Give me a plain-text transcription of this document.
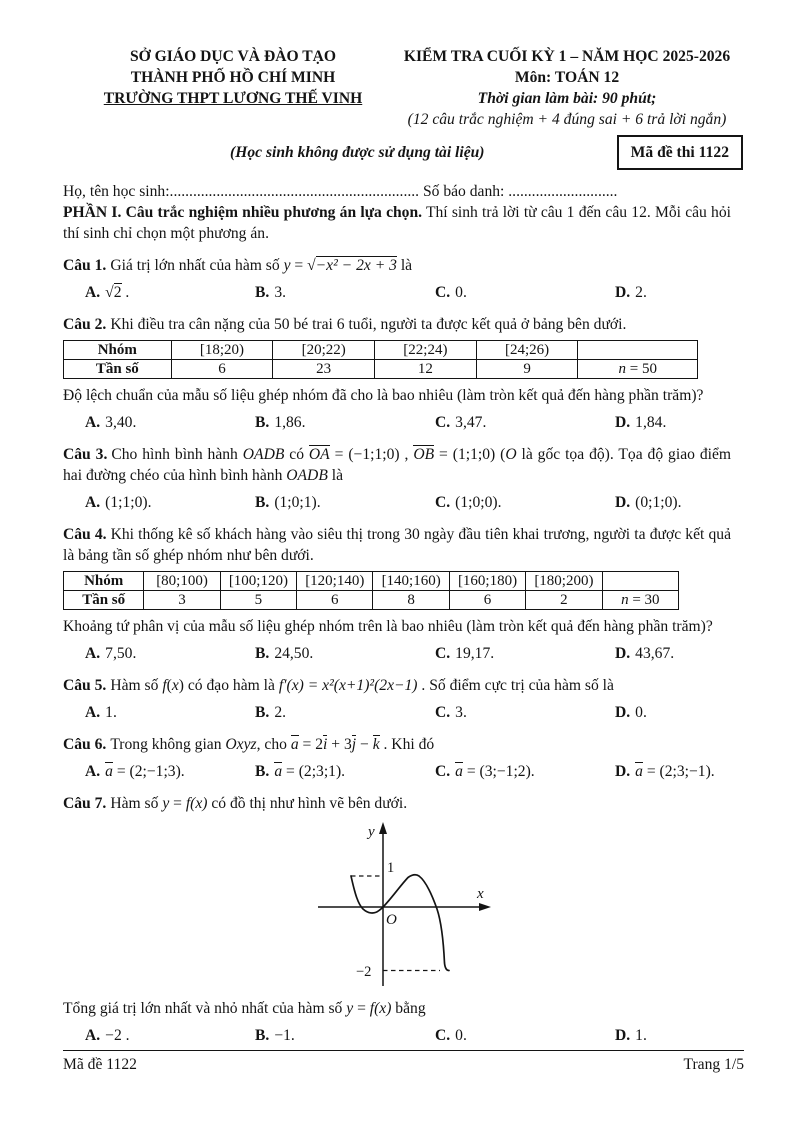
SỞ GIÁO DỤC VÀ ĐÀO TẠO
THÀNH PHỐ HỒ CHÍ MINH
TRƯỜNG THPT LƯƠNG THẾ VINH
KIỂM TRA CUỐI KỲ 1 – NĂM HỌC 2025-2026
Môn: TOÁN 12
Thời gian làm bài: 90 phút;
(12 câu trắc nghiệm + 4 đúng sai + 6 trả lời ngắn)
(Học sinh không được sử dụng tài liệu)	Mã đề thi 1122
Họ, tên học sinh:................................................................ Số báo danh: ............................

PHẦN I. Câu trắc nghiệm nhiều phương án lựa chọn. Thí sinh trả lời từ câu 1 đến câu 12. Mỗi câu hỏi thí sinh chỉ chọn một phương án.

Câu 1. Giá trị lớn nhất của hàm số y = √−x² − 2x + 3 là

A. √2 .	B. 3.	C. 0.	D. 2.

Câu 2. Khi điều tra cân nặng của 50 bé trai 6 tuổi, người ta được kết quả ở bảng bên dưới.

Nhóm	[18;20)	[20;22)	[22;24)	[24;26)	
Tần số	6	23	12	9	n = 50

Độ lệch chuẩn của mẫu số liệu ghép nhóm đã cho là bao nhiêu (làm tròn kết quả đến hàng phần trăm)?

A. 3,40.	B. 1,86.	C. 3,47.	D. 1,84.

Câu 3. Cho hình bình hành OADB có OA = (−1;1;0) , OB = (1;1;0) (O là gốc tọa độ). Tọa độ giao điểm hai đường chéo của hình bình hành OADB là

A. (1;1;0).	B. (1;0;1).	C. (1;0;0).	D. (0;1;0).

Câu 4. Khi thống kê số khách hàng vào siêu thị trong 30 ngày đầu tiên khai trương, người ta được kết quả là bảng tần số ghép nhóm như bên dưới.

Nhóm	[80;100)	[100;120)	[120;140)	[140;160)	[160;180)	[180;200)	
Tần số	3	5	6	8	6	2	n = 30

Khoảng tứ phân vị của mẫu số liệu ghép nhóm trên là bao nhiêu (làm tròn kết quả đến hàng phần trăm)?

A. 7,50.	B. 24,50.	C. 19,17.	D. 43,67.

Câu 5. Hàm số f(x) có đạo hàm là f′(x) = x²(x+1)²(2x−1) . Số điểm cực trị của hàm số là

A. 1.	B. 2.	C. 3.	D. 0.

Câu 6. Trong không gian Oxyz, cho a = 2i + 3j − k . Khi đó

A. a = (2;−1;3).	B. a = (2;3;1).	C. a = (3;−1;2).	D. a = (2;3;−1).

Câu 7. Hàm số y = f(x) có đồ thị như hình vẽ bên dưới.

y
x
O
1
−2

Tổng giá trị lớn nhất và nhỏ nhất của hàm số y = f(x) bằng

A. −2 .	B. −1.	C. 0.	D. 1.
Mã đề 1122	Trang 1/5
